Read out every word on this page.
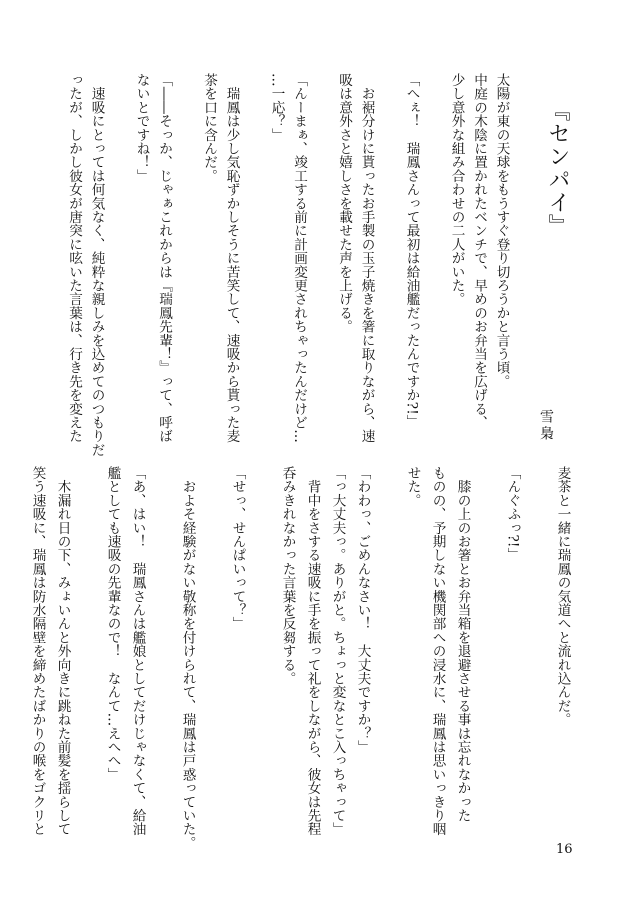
『センパイ』
雪梟
太陽が東の天球をもうすぐ登り切ろうかと言う頃。
中庭の木陰に置かれたベンチで、早めのお弁当を広げる、
少し意外な組み合わせの二人がいた。
「へぇ！　瑞鳳さんって最初は給油艦だったんですか?!」
　お裾分けに貰ったお手製の玉子焼きを箸に取りながら、速
吸は意外さと嬉しさを載せた声を上げる。
「んーまぁ、竣工する前に計画変更されちゃったんだけど…
…一応？」
　瑞鳳は少し気恥ずかしそうに苦笑して、速吸から貰った麦
茶を口に含んだ。
「――そっか、じゃぁこれからは『瑞鳳先輩！』って、呼ば
ないとですね！」
　速吸にとっては何気なく、純粋な親しみを込めてのつもりだ
ったが、しかし彼女が唐突に呟いた言葉は、行き先を変えた
麦茶と一緒に瑞鳳の気道へと流れ込んだ。
「んぐふっ?!」
　膝の上のお箸とお弁当箱を退避させる事は忘れなかった
ものの、予期しない機関部への浸水に、瑞鳳は思いっきり咽
せた。
「わわっ、ごめんなさい！　大丈夫ですか？」
「っ大丈夫っ。ありがと。ちょっと変なとこ入っちゃって」
　背中をさする速吸に手を振って礼をしながら、彼女は先程
呑みきれなかった言葉を反芻する。
「せっ、せんぱいって？」
　およそ経験がない敬称を付けられて、瑞鳳は戸惑っていた。
「あ、はい！　瑞鳳さんは艦娘としてだけじゃなくて、給油
艦としても速吸の先輩なので！　なんて…えへへ」
　木漏れ日の下、みょいんと外向きに跳ねた前髪を揺らして
笑う速吸に、瑞鳳は防水隔壁を締めたばかりの喉をゴクリと
16
